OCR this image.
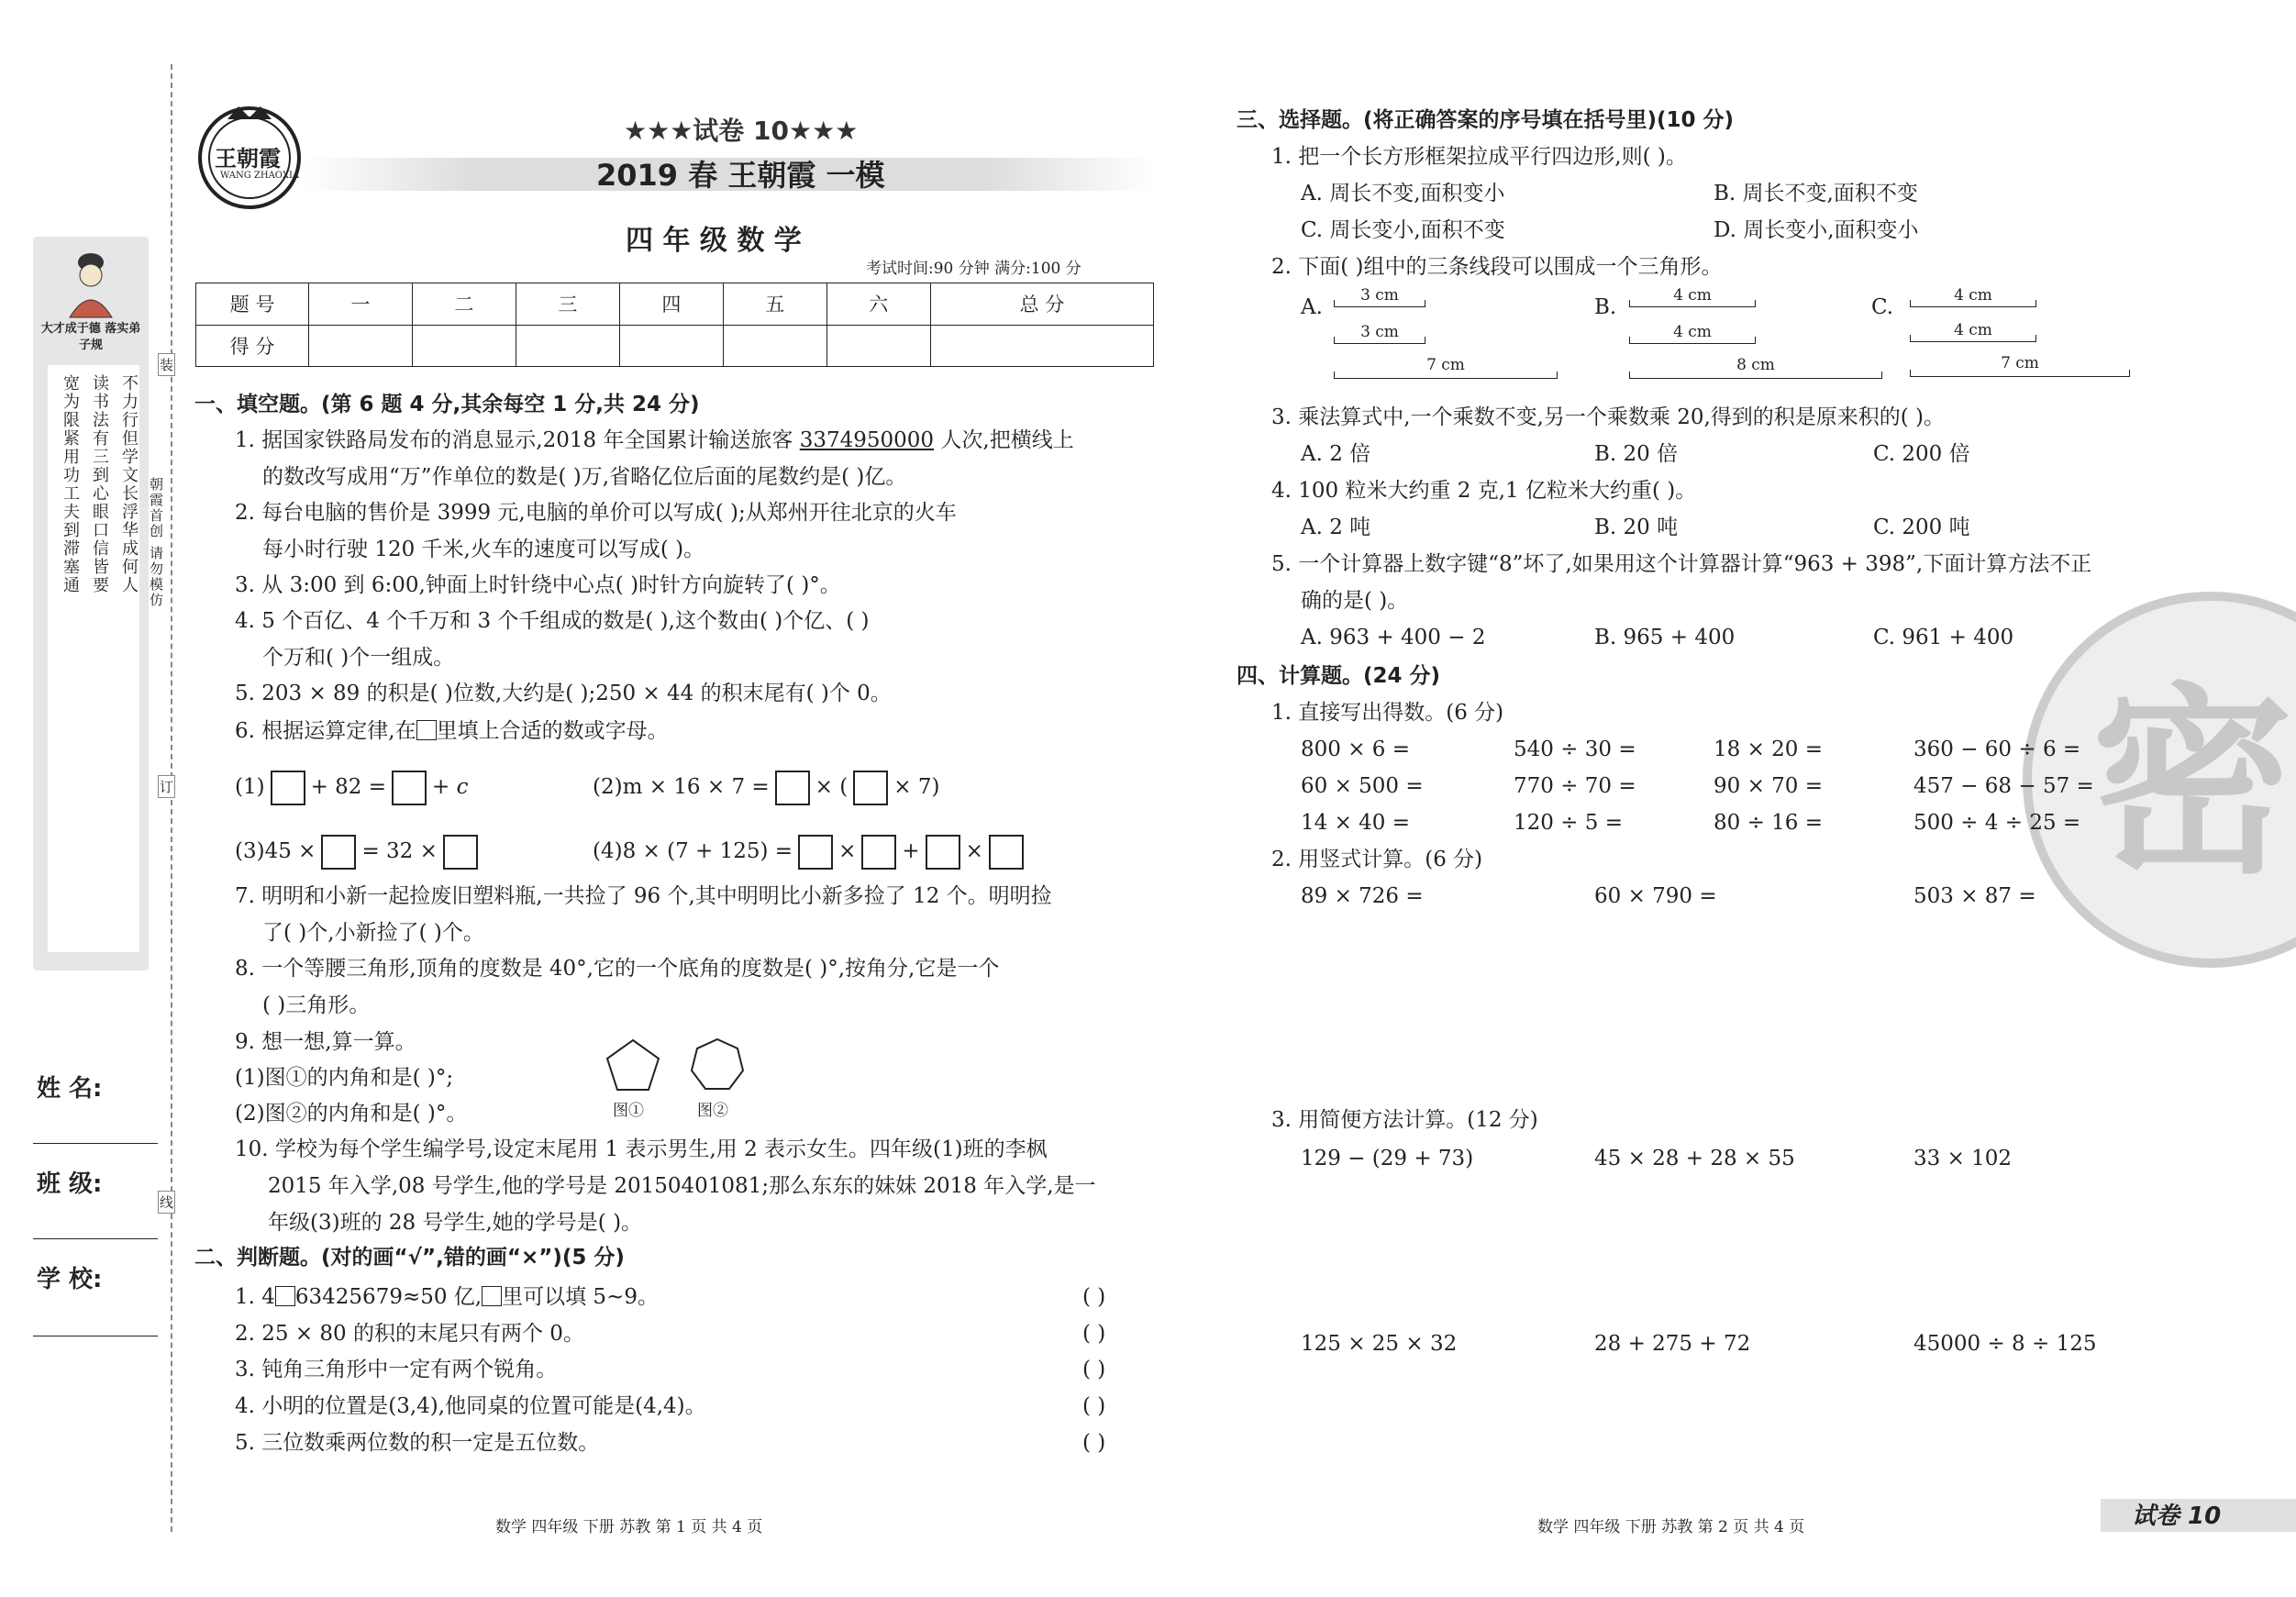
大才成于德 落实弟子规
不力行但学文长浮华成何人
读书法有三到心眼口信皆要
宽为限紧用功工夫到滞塞通	朝霞首创 请勿模仿
装
订
线
姓 名:
班 级:
学 校:
王朝霞
WANG ZHAOXIA
★★★试卷 10★★★
2019 春 王朝霞 一模
四 年 级 数 学
考试时间:90 分钟 满分:100 分
题 号	一	二	三	四	五	六	总 分
得 分							
一、填空题。(第 6 题 4 分,其余每空 1 分,共 24 分)
1. 据国家铁路局发布的消息显示,2018 年全国累计输送旅客 3374950000 人次,把横线上
的数改写成用“万”作单位的数是( )万,省略亿位后面的尾数约是( )亿。
2. 每台电脑的售价是 3999 元,电脑的单价可以写成( );从郑州开往北京的火车
每小时行驶 120 千米,火车的速度可以写成( )。
3. 从 3:00 到 6:00,钟面上时针绕中心点( )时针方向旋转了( )°。
4. 5 个百亿、4 个千万和 3 个千组成的数是( ),这个数由( )个亿、( )
个万和( )个一组成。
5. 203 × 89 的积是( )位数,大约是( );250 × 44 的积末尾有( )个 0。
6. 根据运算定律,在 里填上合适的数或字母。
(1) + 82 = + c	(2)m × 16 × 7 = × ( × 7)
(3)45 × = 32 ×	(4)8 × (7 + 125) = × + ×
7. 明明和小新一起捡废旧塑料瓶,一共捡了 96 个,其中明明比小新多捡了 12 个。明明捡
了( )个,小新捡了( )个。
8. 一个等腰三角形,顶角的度数是 40°,它的一个底角的度数是( )°,按角分,它是一个
( )三角形。
9. 想一想,算一算。
(1)图①的内角和是( )°;
(2)图②的内角和是( )°。	图①	图②
10. 学校为每个学生编学号,设定末尾用 1 表示男生,用 2 表示女生。四年级(1)班的李枫
2015 年入学,08 号学生,他的学号是 20150401081;那么东东的妹妹 2018 年入学,是一
年级(3)班的 28 号学生,她的学号是( )。
二、判断题。(对的画“√”,错的画“×”)(5 分)
1. 4 63425679≈50 亿, 里可以填 5~9。
2. 25 × 80 的积的末尾只有两个 0。
3. 钝角三角形中一定有两个锐角。
4. 小明的位置是(3,4),他同桌的位置可能是(4,4)。
5. 三位数乘两位数的积一定是五位数。
( )
( )
( )
( )
( )
数学 四年级 下册 苏教 第 1 页 共 4 页
密
三、选择题。(将正确答案的序号填在括号里)(10 分)
1. 把一个长方形框架拉成平行四边形,则( )。
A. 周长不变,面积变小	B. 周长不变,面积不变
C. 周长变小,面积不变	D. 周长变小,面积变小
2. 下面( )组中的三条线段可以围成一个三角形。
A.	B.	C.
3 cm
3 cm
7 cm
4 cm
4 cm
8 cm
4 cm
4 cm
7 cm
3. 乘法算式中,一个乘数不变,另一个乘数乘 20,得到的积是原来积的( )。
A. 2 倍	B. 20 倍	C. 200 倍
4. 100 粒米大约重 2 克,1 亿粒米大约重( )。
A. 2 吨	B. 20 吨	C. 200 吨
5. 一个计算器上数字键“8”坏了,如果用这个计算器计算“963 + 398”,下面计算方法不正
确的是( )。
A. 963 + 400 − 2	B. 965 + 400	C. 961 + 400
四、计算题。(24 分)
1. 直接写出得数。(6 分)
800 × 6 =	540 ÷ 30 =	18 × 20 =	360 − 60 ÷ 6 =
60 × 500 =	770 ÷ 70 =	90 × 70 =	457 − 68 − 57 =
14 × 40 =	120 ÷ 5 =	80 ÷ 16 =	500 ÷ 4 ÷ 25 =
2. 用竖式计算。(6 分)
89 × 726 =	60 × 790 =	503 × 87 =
3. 用简便方法计算。(12 分)
129 − (29 + 73)	45 × 28 + 28 × 55	33 × 102
125 × 25 × 32	28 + 275 + 72	45000 ÷ 8 ÷ 125
数学 四年级 下册 苏教 第 2 页 共 4 页	试卷 10
